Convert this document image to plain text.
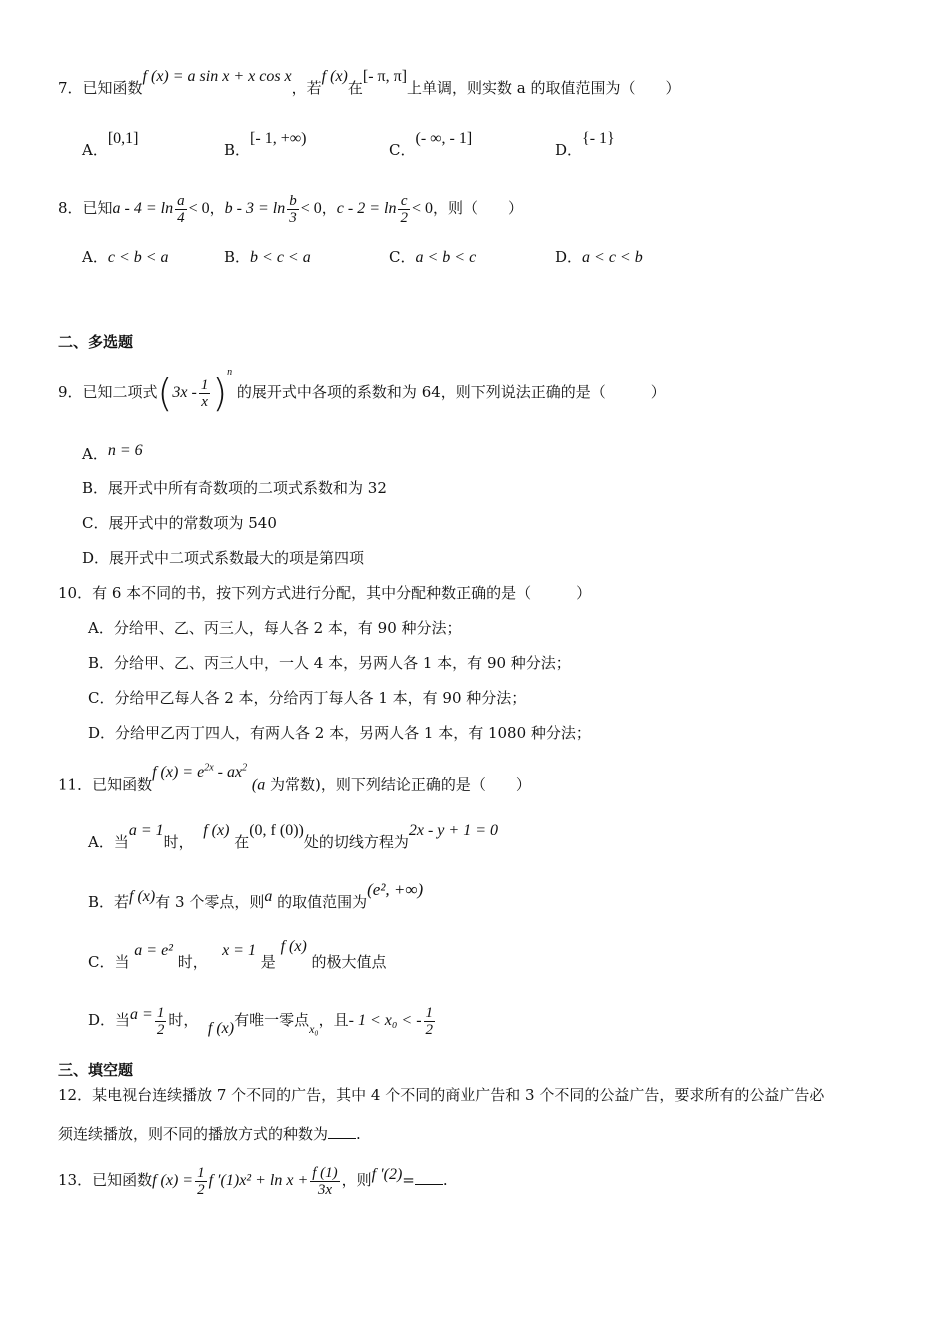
7．已知函数f (x) = a sin x + x cos x，若f (x)在[- π, π]上单调，则实数 a 的取值范围为（　　）
A．[0,1]
B．[- 1, +∞)
C．(- ∞, - 1]
D．{- 1}
8．已知$a - 4 = \ln \frac{a}{4} < 0$，$b - 3 = \ln \frac{b}{3} < 0$，$c - 2 = \ln \frac{c}{2} < 0$，则（　　）
A．c < b < a	B．b < c < a	C．a < b < c	D．a < c < b
二、多选题
9．已知二项式$(3x - \frac{1}{x} )^n$ 的展开式中各项的系数和为 64，则下列说法正确的是（　　　）
A．n = 6
B．展开式中所有奇数项的二项式系数和为 32
C．展开式中的常数项为 540
D．展开式中二项式系数最大的项是第四项
10．有 6 本不同的书，按下列方式进行分配，其中分配种数正确的是（　　　）
A．分给甲、乙、丙三人，每人各 2 本，有 90 种分法；
B．分给甲、乙、丙三人中，一人 4 本，另两人各 1 本，有 90 种分法；
C．分给甲乙每人各 2 本，分给丙丁每人各 1 本，有 90 种分法；
D．分给甲乙丙丁四人，有两人各 2 本，另两人各 1 本，有 1080 种分法；
11．已知函数f $(x) = e^{2x} - ax^2$ (a 为常数)，则下列结论正确的是（　　）
A．当a = 1时，  f (x) 在(0, f (0))处的切线方程为2x - y + 1 = 0
B．若f (x)有 3 个零点，则a 的取值范围为(e², +∞)
C．当 a = e² 时，   x = 1 是 f (x) 的极大值点
D．当$a = \frac{1}{2}$ 时， f (x)有唯一零点$_{x_0}$，且- 1 < x₀ < - $\frac{1}{2}$
三、填空题
12．某电视台连续播放 7 个不同的广告，其中 4 个不同的商业广告和 3 个不同的公益广告，要求所有的公益广告必
须连续播放，则不同的播放方式的种数为 .
13．已知函数f $(x) = \frac{1}{2}$ f $'(1)x^2 + \ln x + \frac{f (1)}{3x}$ ，则f ′(2)= .
